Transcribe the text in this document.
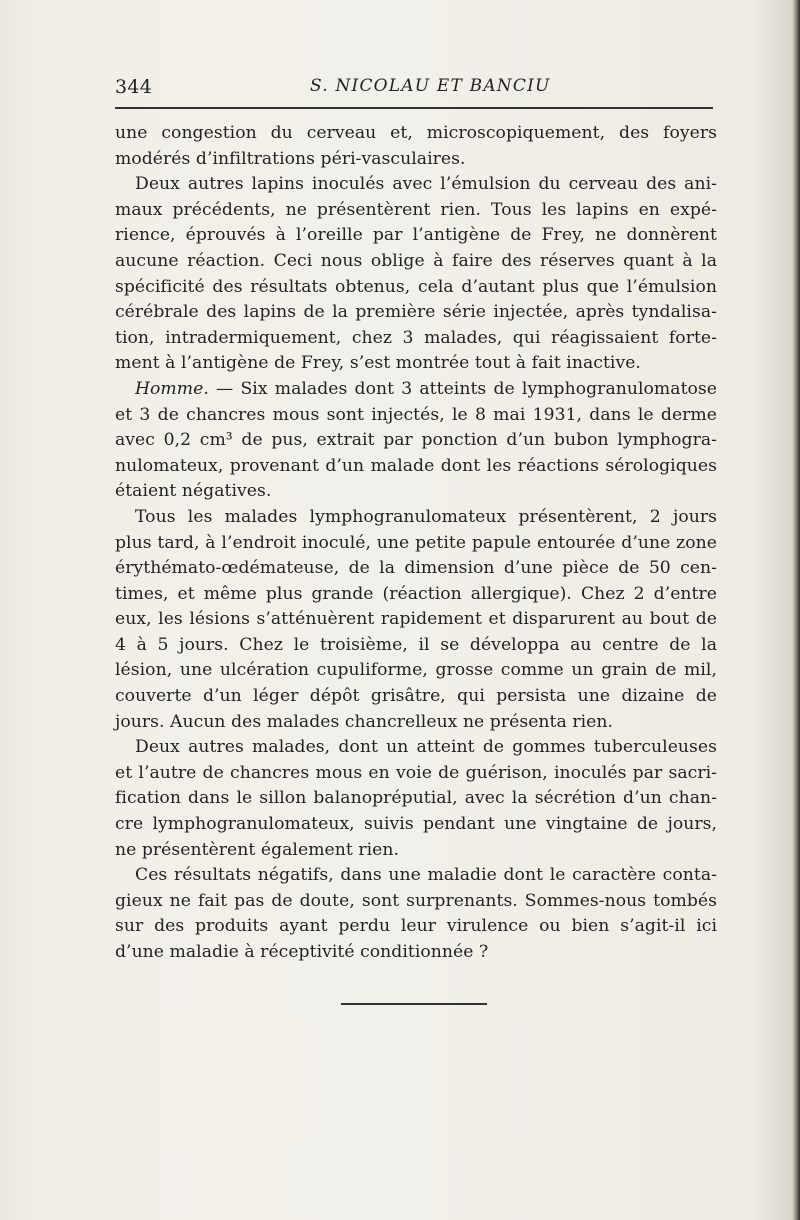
344	S. NICOLAU ET BANCIU
une congestion du cerveau et, microscopiquement, des foyers
modérés d’infiltrations péri-vasculaires.
Deux autres lapins inoculés avec l’émulsion du cerveau des ani-
maux précédents, ne présentèrent rien. Tous les lapins en expé-
rience, éprouvés à l’oreille par l’antigène de Frey, ne donnèrent
aucune réaction. Ceci nous oblige à faire des réserves quant à la
spécificité des résultats obtenus, cela d’autant plus que l’émulsion
cérébrale des lapins de la première série injectée, après tyndalisa-
tion, intradermiquement, chez 3 malades, qui réagissaient forte-
ment à l’antigène de Frey, s’est montrée tout à fait inactive.
Homme. — Six malades dont 3 atteints de lymphogranulomatose
et 3 de chancres mous sont injectés, le 8 mai 1931, dans le derme
avec 0,2 cm³ de pus, extrait par ponction d’un bubon lymphogra-
nulomateux, provenant d’un malade dont les réactions sérologiques
étaient négatives.
Tous les malades lymphogranulomateux présentèrent, 2 jours
plus tard, à l’endroit inoculé, une petite papule entourée d’une zone
érythémato-œdémateuse, de la dimension d’une pièce de 50 cen-
times, et même plus grande (réaction allergique). Chez 2 d’entre
eux, les lésions s’atténuèrent rapidement et disparurent au bout de
4 à 5 jours. Chez le troisième, il se développa au centre de la
lésion, une ulcération cupuliforme, grosse comme un grain de mil,
couverte d’un léger dépôt grisâtre, qui persista une dizaine de
jours. Aucun des malades chancrelleux ne présenta rien.
Deux autres malades, dont un atteint de gommes tuberculeuses
et l’autre de chancres mous en voie de guérison, inoculés par sacri-
fication dans le sillon balanopréputial, avec la sécrétion d’un chan-
cre lymphogranulomateux, suivis pendant une vingtaine de jours,
ne présentèrent également rien.
Ces résultats négatifs, dans une maladie dont le caractère conta-
gieux ne fait pas de doute, sont surprenants. Sommes-nous tombés
sur des produits ayant perdu leur virulence ou bien s’agit-il ici
d’une maladie à réceptivité conditionnée ?
